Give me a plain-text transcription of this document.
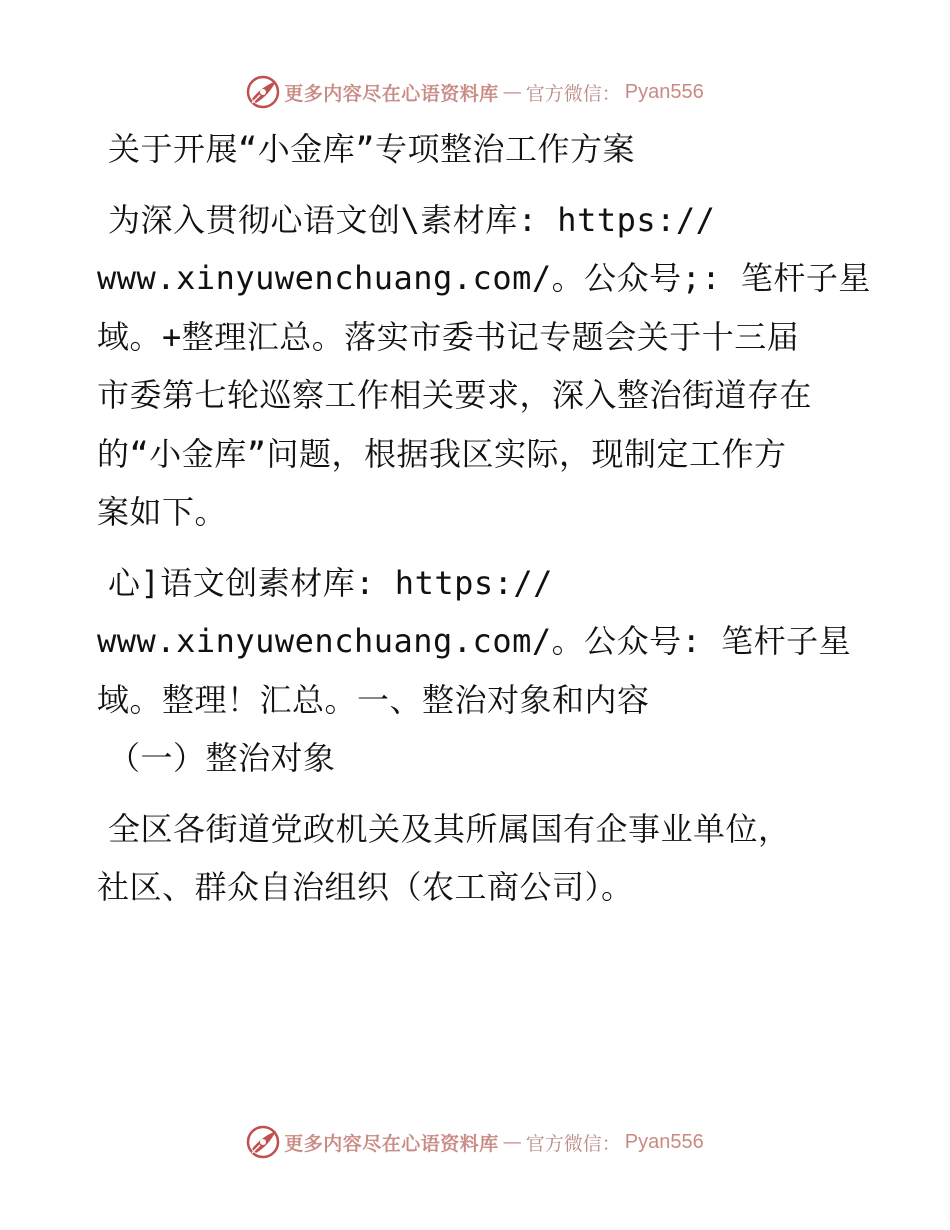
更多内容尽在心语资料库 — 官方微信： Pyan556
关于开展“小金库”专项整治工作方案
为深入贯彻心语文创\素材库: https://
www.xinyuwenchuang.com/。公众号;: 笔杆子星
域。+整理汇总。落实市委书记专题会关于十三届
市委第七轮巡察工作相关要求，深入整治街道存在
的“小金库”问题，根据我区实际，现制定工作方
案如下。
心]语文创素材库: https://
www.xinyuwenchuang.com/。公众号: 笔杆子星
域。整理！汇总。一、整治对象和内容
（一）整治对象
全区各街道党政机关及其所属国有企事业单位，
社区、群众自治组织（农工商公司）。
更多内容尽在心语资料库 — 官方微信： Pyan556
